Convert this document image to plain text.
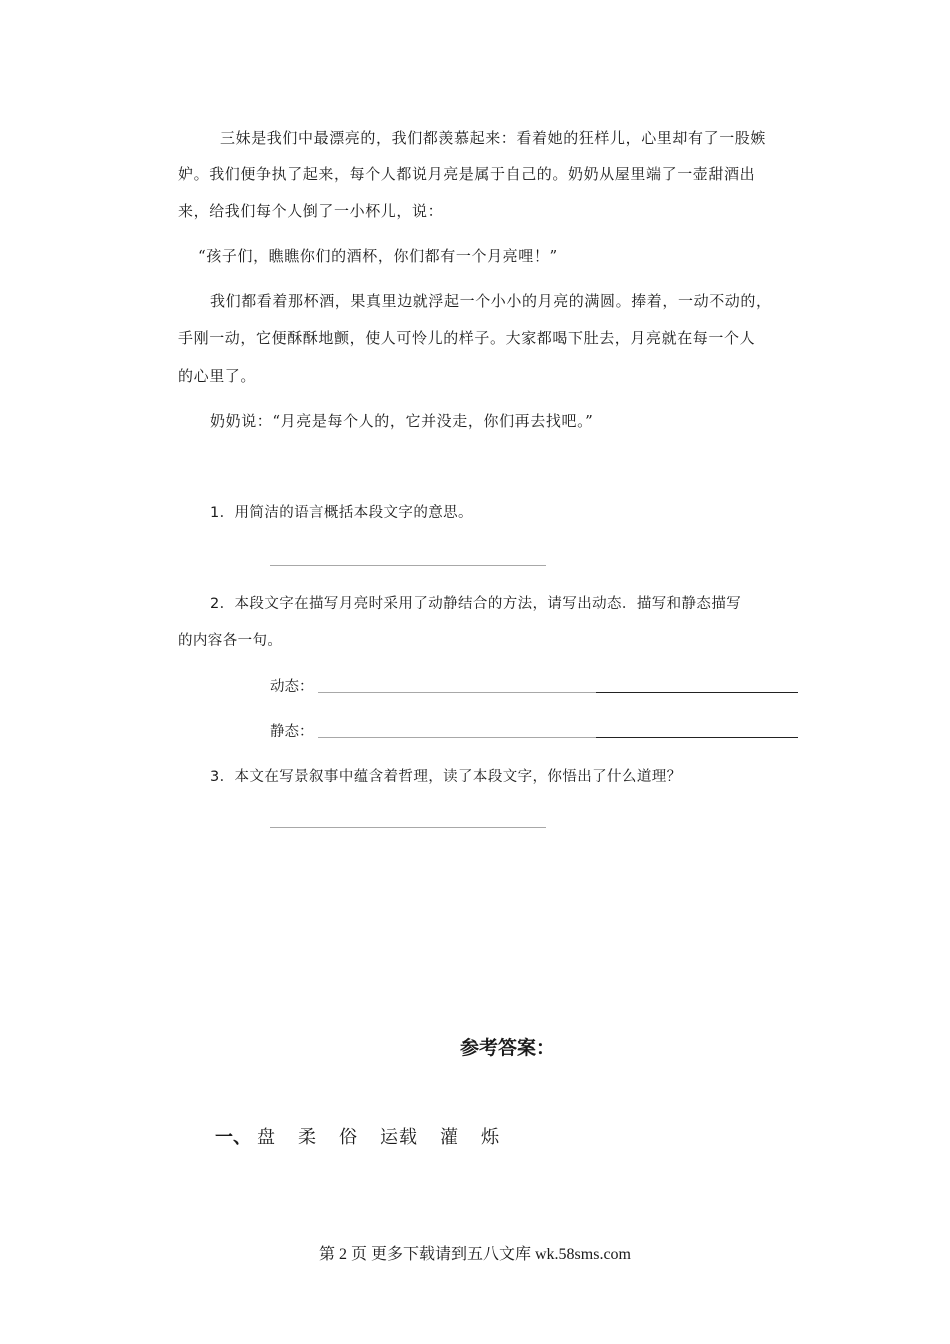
三妹是我们中最漂亮的，我们都羡慕起来：看着她的狂样儿，心里却有了一股嫉
妒。我们便争执了起来，每个人都说月亮是属于自己的。奶奶从屋里端了一壶甜酒出
来，给我们每个人倒了一小杯儿，说：
“孩子们，瞧瞧你们的酒杯，你们都有一个月亮哩！”
我们都看着那杯酒，果真里边就浮起一个小小的月亮的满圆。捧着，一动不动的，
手刚一动，它便酥酥地颤，使人可怜儿的样子。大家都喝下肚去，月亮就在每一个人
的心里了。
奶奶说：“月亮是每个人的，它并没走，你们再去找吧。”
1．用简洁的语言概括本段文字的意思。
2．本段文字在描写月亮时采用了动静结合的方法，请写出动态．描写和静态描写
的内容各一句。
动态：
静态：
3．本文在写景叙事中蕴含着哲理，读了本段文字，你悟出了什么道理？
参考答案：
一、 盘 柔 俗 运载 灌 烁
第 2 页 更多下载请到五八文库 wk.58sms.com
